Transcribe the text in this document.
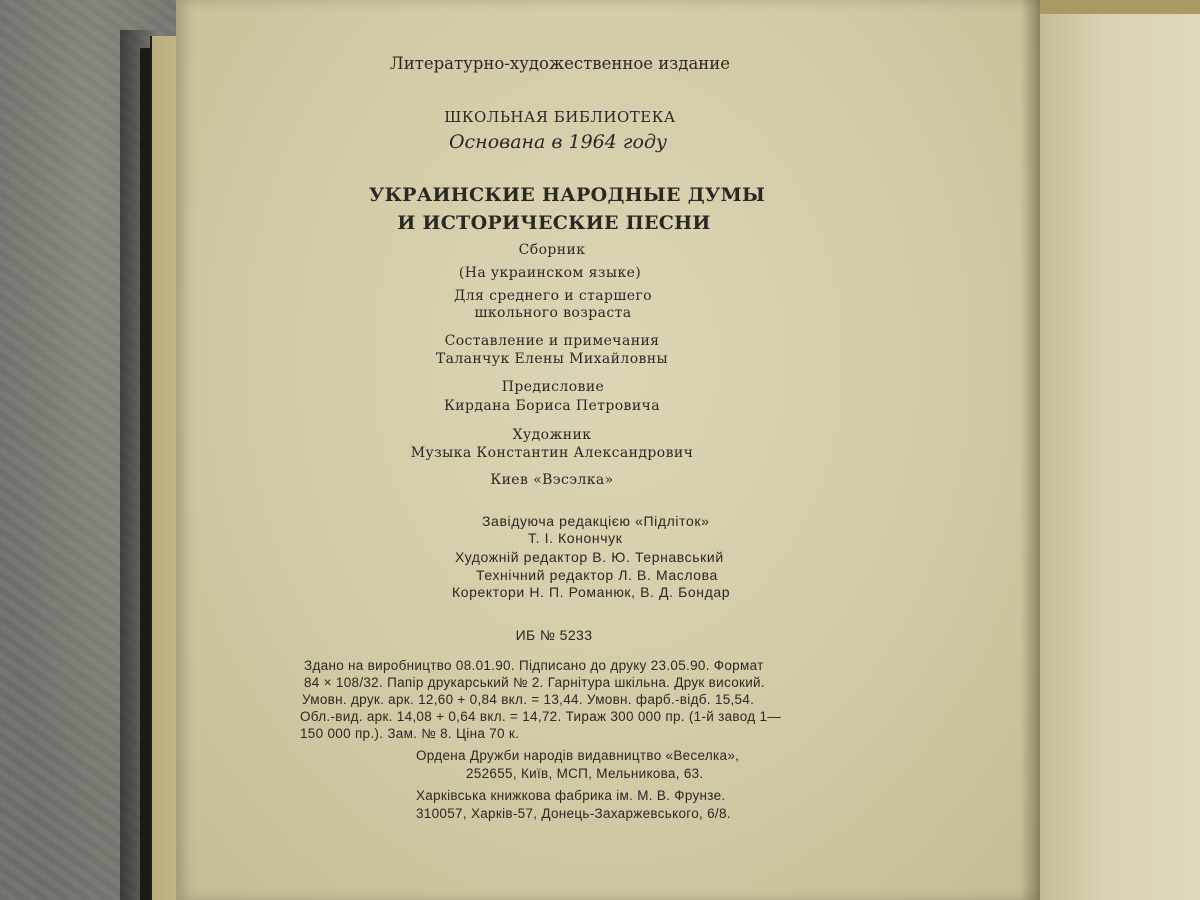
Литературно-художественное издание
ШКОЛЬНАЯ БИБЛИОТЕКА
Основана в 1964 году
УКРАИНСКИЕ НАРОДНЫЕ ДУМЫ
И ИСТОРИЧЕСКИЕ ПЕСНИ
Сборник
(На украинском языке)
Для среднего и старшего
школьного возраста
Составление и примечания
Таланчук Елены Михайловны
Предисловие
Кирдана Бориса Петровича
Художник
Музыка Константин Александрович
Киев «Вэсэлка»
Завідуюча редакцією «Підліток»
Т. І. Конончук
Художній редактор В. Ю. Тернавський
Технічний редактор Л. В. Маслова
Коректори Н. П. Романюк, В. Д. Бондар
ИБ № 5233
Здано на виробництво 08.01.90. Підписано до друку 23.05.90. Формат
84 × 108/32. Папір друкарський № 2. Гарнітура шкільна. Друк високий.
Умовн. друк. арк. 12,60 + 0,84 вкл. = 13,44. Умовн. фарб.-відб. 15,54.
Обл.-вид. арк. 14,08 + 0,64 вкл. = 14,72. Тираж 300 000 пр. (1-й завод 1—
150 000 пр.). Зам. № 8. Ціна 70 к.
Ордена Дружби народів видавництво «Веселка»,
252655, Київ, МСП, Мельникова, 63.
Харківська книжкова фабрика ім. М. В. Фрунзе.
310057, Харків-57, Донець-Захаржевського, 6/8.
